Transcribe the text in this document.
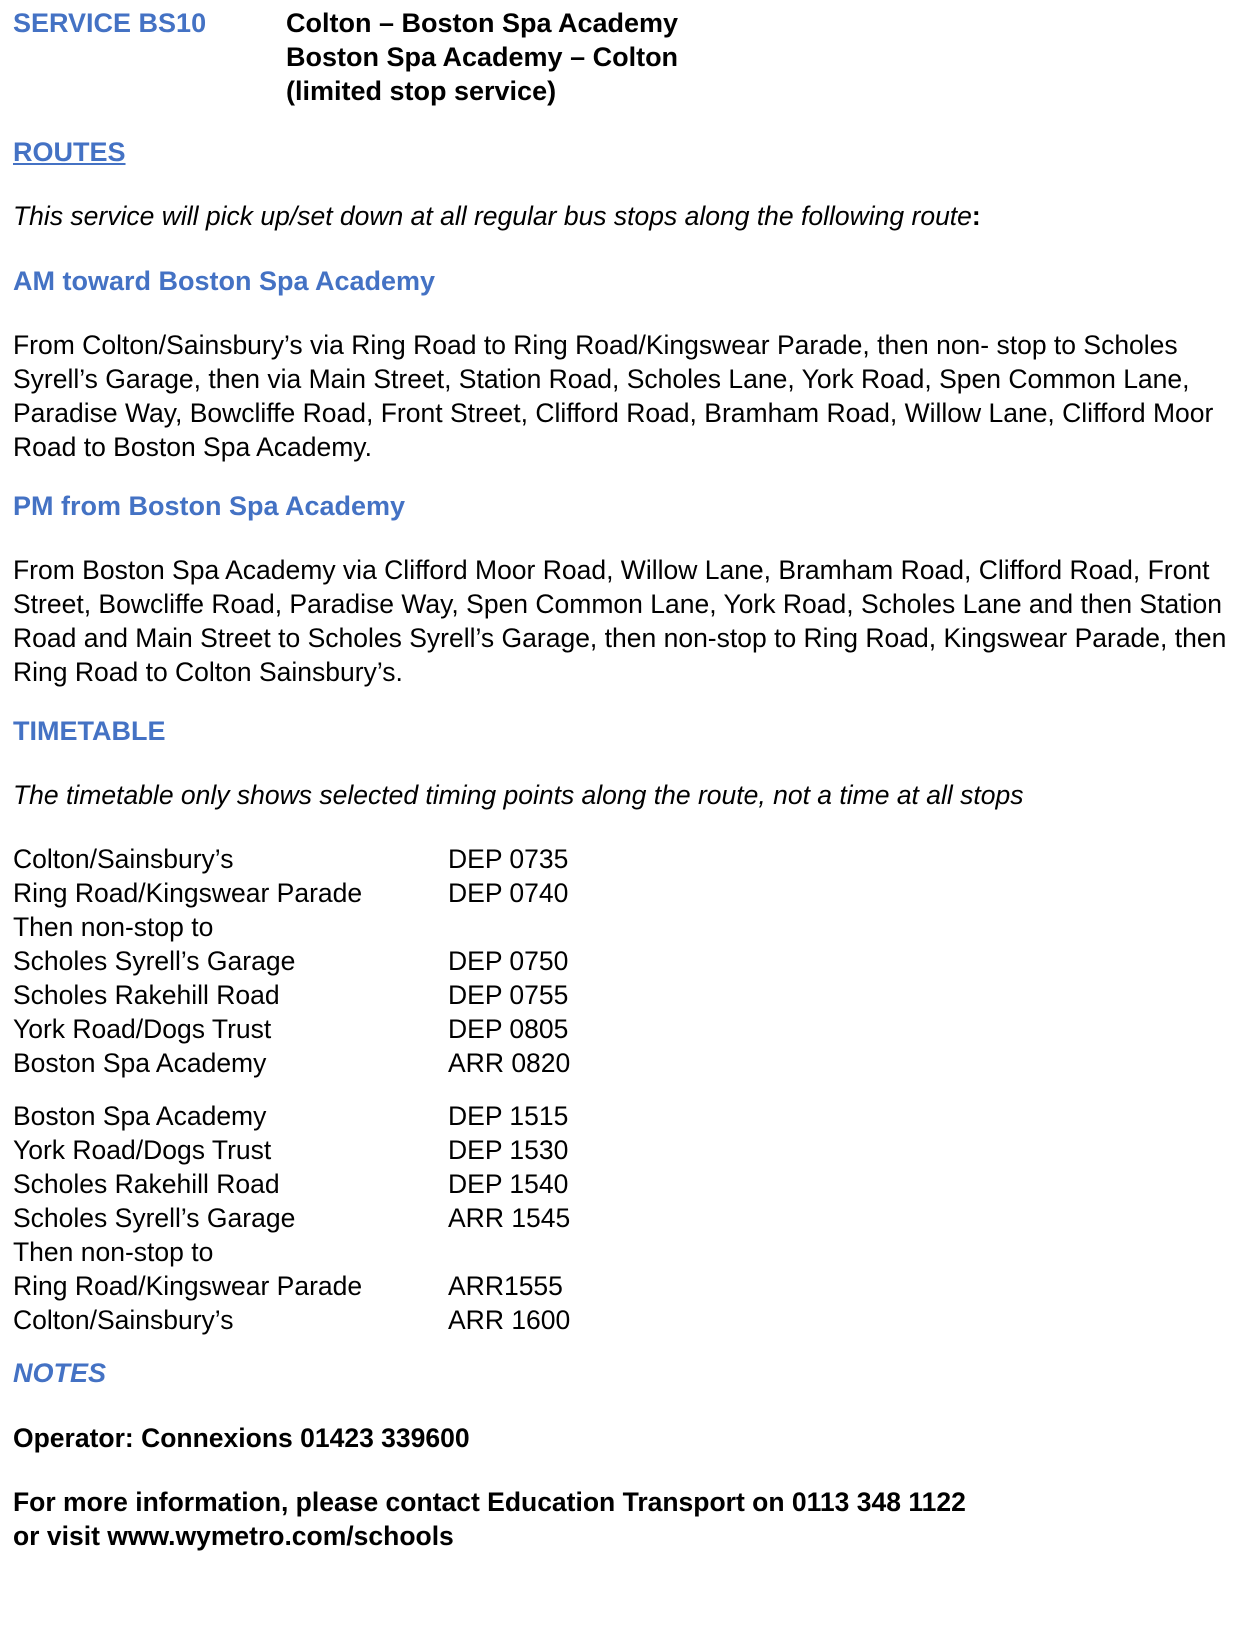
SERVICE BS10	Colton – Boston Spa Academy
Boston Spa Academy – Colton
(limited stop service)
ROUTES
This service will pick up/set down at all regular bus stops along the following route:
AM toward Boston Spa Academy

From Colton/Sainsbury’s via Ring Road to Ring Road/Kingswear Parade, then non- stop to Scholes Syrell’s Garage, then via Main Street, Station Road, Scholes Lane, York Road, Spen Common Lane, Paradise Way, Bowcliffe Road, Front Street, Clifford Road, Bramham Road, Willow Lane, Clifford Moor Road to Boston Spa Academy.

PM from Boston Spa Academy

From Boston Spa Academy via Clifford Moor Road, Willow Lane, Bramham Road, Clifford Road, Front Street, Bowcliffe Road, Paradise Way, Spen Common Lane, York Road, Scholes Lane and then Station Road and Main Street to Scholes Syrell’s Garage, then non-stop to Ring Road, Kingswear Parade, then Ring Road to Colton Sainsbury’s.

TIMETABLE
The timetable only shows selected timing points along the route, not a time at all stops
Colton/Sainsbury’s	DEP 0735
Ring Road/Kingswear Parade	DEP 0740
Then non-stop to
Scholes Syrell’s Garage	DEP 0750
Scholes Rakehill Road	DEP 0755
York Road/Dogs Trust	DEP 0805
Boston Spa Academy	ARR 0820
Boston Spa Academy	DEP 1515
York Road/Dogs Trust	DEP 1530
Scholes Rakehill Road	DEP 1540
Scholes Syrell’s Garage	ARR 1545
Then non-stop to
Ring Road/Kingswear Parade	ARR1555
Colton/Sainsbury’s	ARR 1600
NOTES
Operator: Connexions 01423 339600
For more information, please contact Education Transport on 0113 348 1122
or visit www.wymetro.com/schools
